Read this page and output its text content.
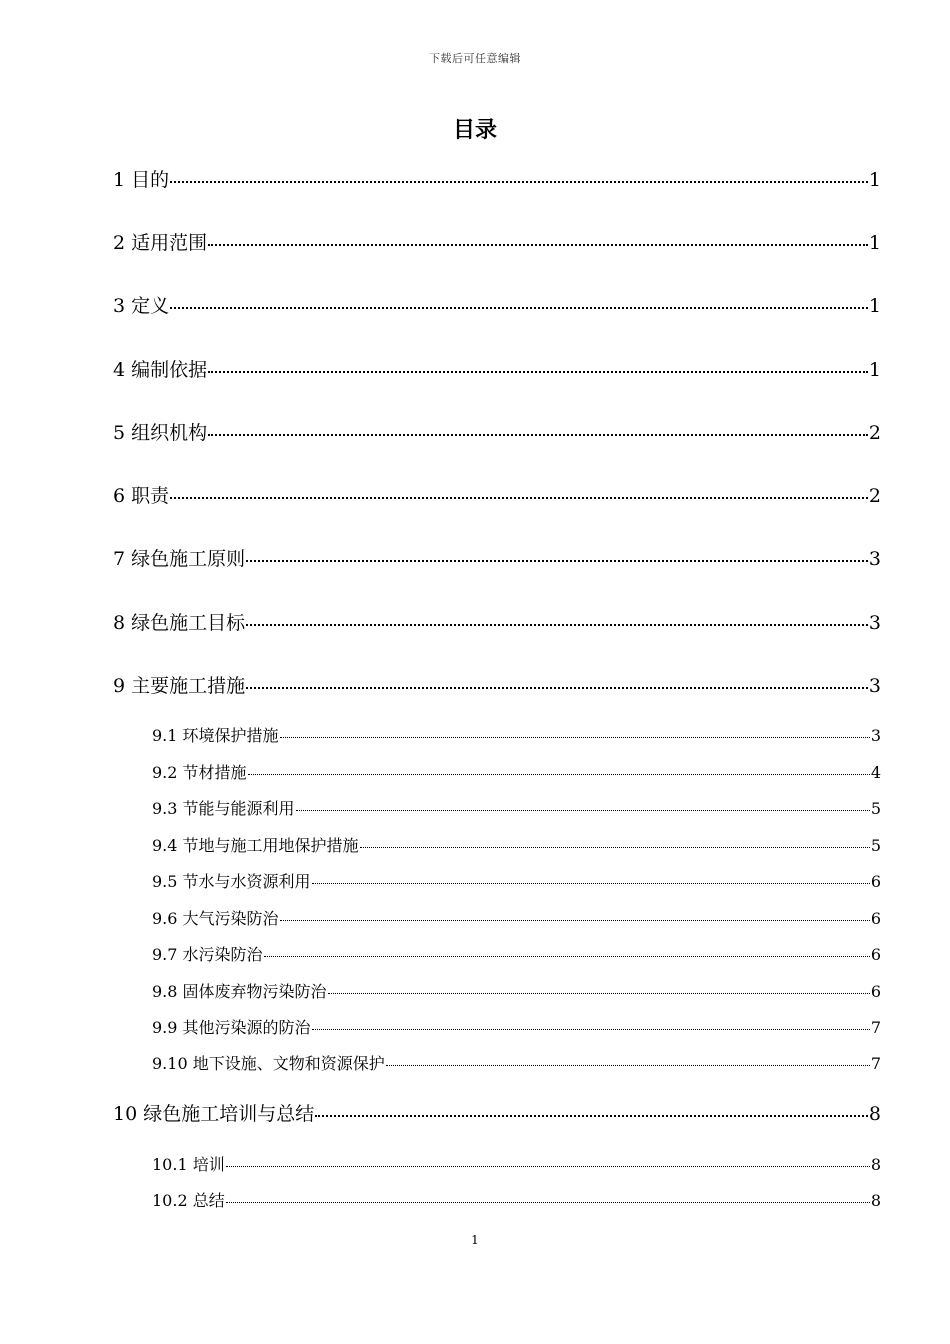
下载后可任意编辑
目录
1 目的	1
2 适用范围	1
3 定义	1
4 编制依据	1
5 组织机构	2
6 职责	2
7 绿色施工原则	3
8 绿色施工目标	3
9 主要施工措施	3
9.1 环境保护措施	3
9.2 节材措施	4
9.3 节能与能源利用	5
9.4 节地与施工用地保护措施	5
9.5 节水与水资源利用	6
9.6 大气污染防治	6
9.7 水污染防治	6
9.8 固体废弃物污染防治	6
9.9 其他污染源的防治	7
9.10 地下设施、文物和资源保护	7
10 绿色施工培训与总结	8
10.1 培训	8
10.2 总结	8
1
